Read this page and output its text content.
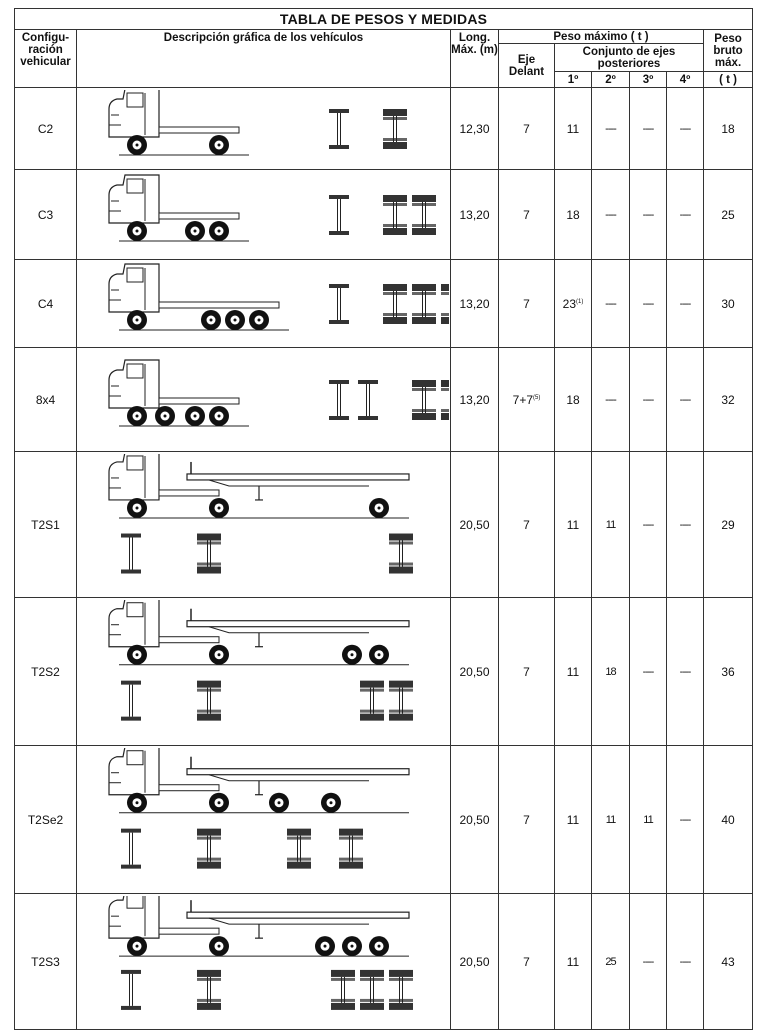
TABLA DE PESOS Y MEDIDAS								
Configu-ración vehicular	Descripción gráfica de los vehículos	Long. Máx. (m)	Peso máximo ( t )					Peso bruto máx.
			Eje Delant	Conjunto de ejes posteriores				
				1º	2º	3º	4º	( t )
C2		12,30	7	11	----	----	----	18
C3		13,20	7	18	----	----	----	25
C4		13,20	7	23$^{(1)}$	----	----	----	30
8x4		13,20	$7+7^{(5)}$	18	----	----	----	32
T2S1		20,50	7	11	11	----	----	29
T2S2		20,50	7	11	18	----	----	36
T2Se2		20,50	7	11	11	11	----	40
T2S3		20,50	7	11	25	----	----	43
